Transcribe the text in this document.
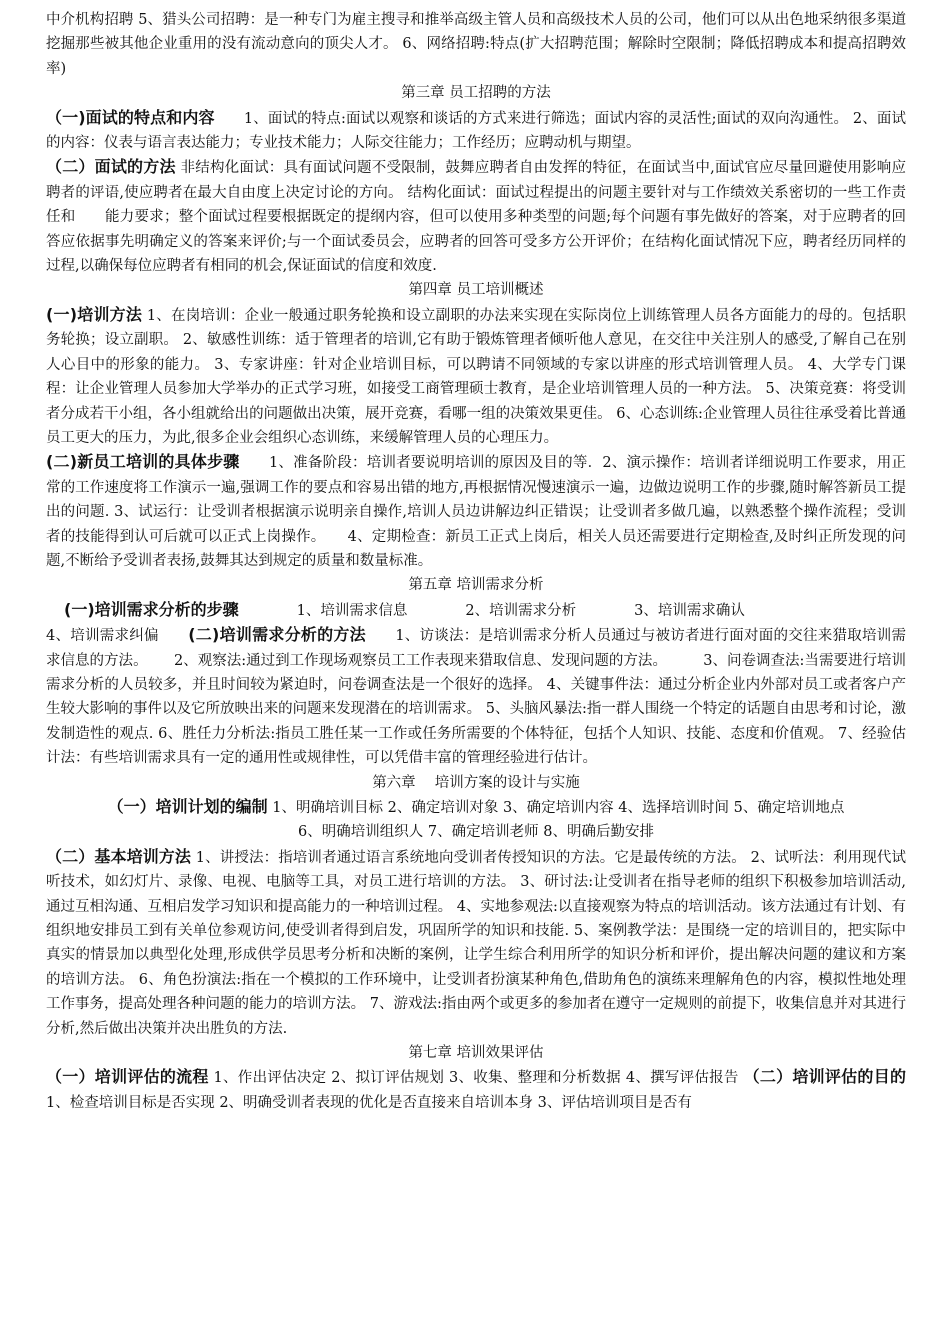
中介机构招聘 5、猎头公司招聘：是一种专门为雇主搜寻和推举高级主管人员和高级技术人员的公司，他们可以从出色地采纳很多渠道挖掘那些被其他企业重用的没有流动意向的顶尖人才。 6、网络招聘:特点(扩大招聘范围；解除时空限制；降低招聘成本和提高招聘效率)

第三章 员工招聘的方法

（一)面试的特点和内容　　1、面试的特点:面试以观察和谈话的方式来进行筛选；面试内容的灵活性;面试的双向沟通性。 2、面试的内容：仪表与语言表达能力；专业技术能力；人际交往能力；工作经历；应聘动机与期望。

（二）面试的方法 非结构化面试：具有面试问题不受限制，鼓舞应聘者自由发挥的特征，在面试当中,面试官应尽量回避使用影响应聘者的评语,使应聘者在最大自由度上决定讨论的方向。 结构化面试：面试过程提出的问题主要针对与工作绩效关系密切的一些工作责任和　　能力要求；整个面试过程要根据既定的提纲内容，但可以使用多种类型的问题;每个问题有事先做好的答案，对于应聘者的回答应依据事先明确定义的答案来评价;与一个面试委员会，应聘者的回答可受多方公开评价；在结构化面试情况下应，聘者经历同样的过程,以确保每位应聘者有相同的机会,保证面试的信度和效度.

第四章 员工培训概述

(一)培训方法 1、在岗培训：企业一般通过职务轮换和设立副职的办法来实现在实际岗位上训练管理人员各方面能力的母的。包括职务轮换；设立副职。 2、敏感性训练：适于管理者的培训,它有助于锻炼管理者倾听他人意见，在交往中关注别人的感受,了解自己在别人心目中的形象的能力。 3、专家讲座：针对企业培训目标，可以聘请不同领域的专家以讲座的形式培训管理人员。 4、大学专门课程：让企业管理人员参加大学举办的正式学习班，如接受工商管理硕士教育，是企业培训管理人员的一种方法。 5、决策竞赛：将受训者分成若干小组，各小组就给出的问题做出决策，展开竞赛，看哪一组的决策效果更佳。 6、心态训练:企业管理人员往往承受着比普通员工更大的压力，为此,很多企业会组织心态训练，来缓解管理人员的心理压力。

(二)新员工培训的具体步骤　　1、准备阶段：培训者要说明培训的原因及目的等．2、演示操作：培训者详细说明工作要求，用正常的工作速度将工作演示一遍,强调工作的要点和容易出错的地方,再根据情况慢速演示一遍，边做边说明工作的步骤,随时解答新员工提出的问题. 3、试运行：让受训者根据演示说明亲自操作,培训人员边讲解边纠正错误；让受训者多做几遍，以熟悉整个操作流程；受训者的技能得到认可后就可以正式上岗操作。　　4、定期检查：新员工正式上岗后，相关人员还需要进行定期检查,及时纠正所发现的问题,不断给予受训者表扬,鼓舞其达到规定的质量和数量标准。

第五章 培训需求分析

(一)培训需求分析的步骤　　　　1、培训需求信息　　　　2、培训需求分析　　　　3、培训需求确认

4、培训需求纠偏　　(二)培训需求分析的方法　　1、访谈法：是培训需求分析人员通过与被访者进行面对面的交往来猎取培训需求信息的方法。　　 2、观察法:通过到工作现场观察员工工作表现来猎取信息、发现问题的方法。　　　3、问卷调查法:当需要进行培训需求分析的人员较多，并且时间较为紧迫时，问卷调查法是一个很好的选择。 4、关键事件法：通过分析企业内外部对员工或者客户产生较大影响的事件以及它所放映出来的问题来发现潜在的培训需求。 5、头脑风暴法:指一群人围绕一个特定的话题自由思考和讨论，激发制造性的观点. 6、胜任力分析法:指员工胜任某一工作或任务所需要的个体特征，包括个人知识、技能、态度和价值观。 7、经验估计法：有些培训需求具有一定的通用性或规律性，可以凭借丰富的管理经验进行估计。

第六章　 培训方案的设计与实施

（一）培训计划的编制 1、明确培训目标 2、确定培训对象 3、确定培训内容 4、选择培训时间 5、确定培训地点
6、明确培训组织人 7、确定培训老师 8、明确后勤安排

（二）基本培训方法 1、讲授法：指培训者通过语言系统地向受训者传授知识的方法。它是最传统的方法。 2、试听法：利用现代试听技术，如幻灯片、录像、电视、电脑等工具，对员工进行培训的方法。 3、研讨法:让受训者在指导老师的组织下积极参加培训活动,通过互相沟通、互相启发学习知识和提高能力的一种培训过程。 4、实地参观法:以直接观察为特点的培训活动。该方法通过有计划、有组织地安排员工到有关单位参观访问,使受训者得到启发，巩固所学的知识和技能. 5、案例教学法：是围绕一定的培训目的，把实际中真实的情景加以典型化处理,形成供学员思考分析和决断的案例，让学生综合利用所学的知识分析和评价，提出解决问题的建议和方案的培训方法。 6、角色扮演法:指在一个模拟的工作环境中，让受训者扮演某种角色,借助角色的演练来理解角色的内容，模拟性地处理工作事务，提高处理各种问题的能力的培训方法。 7、游戏法:指由两个或更多的参加者在遵守一定规则的前提下，收集信息并对其进行分析,然后做出决策并决出胜负的方法.

第七章 培训效果评估

（一）培训评估的流程 1、作出评估决定 2、拟订评估规划 3、收集、整理和分析数据 4、撰写评估报告 （二）培训评估的目的 1、检查培训目标是否实现 2、明确受训者表现的优化是否直接来自培训本身 3、评估培训项目是否有
